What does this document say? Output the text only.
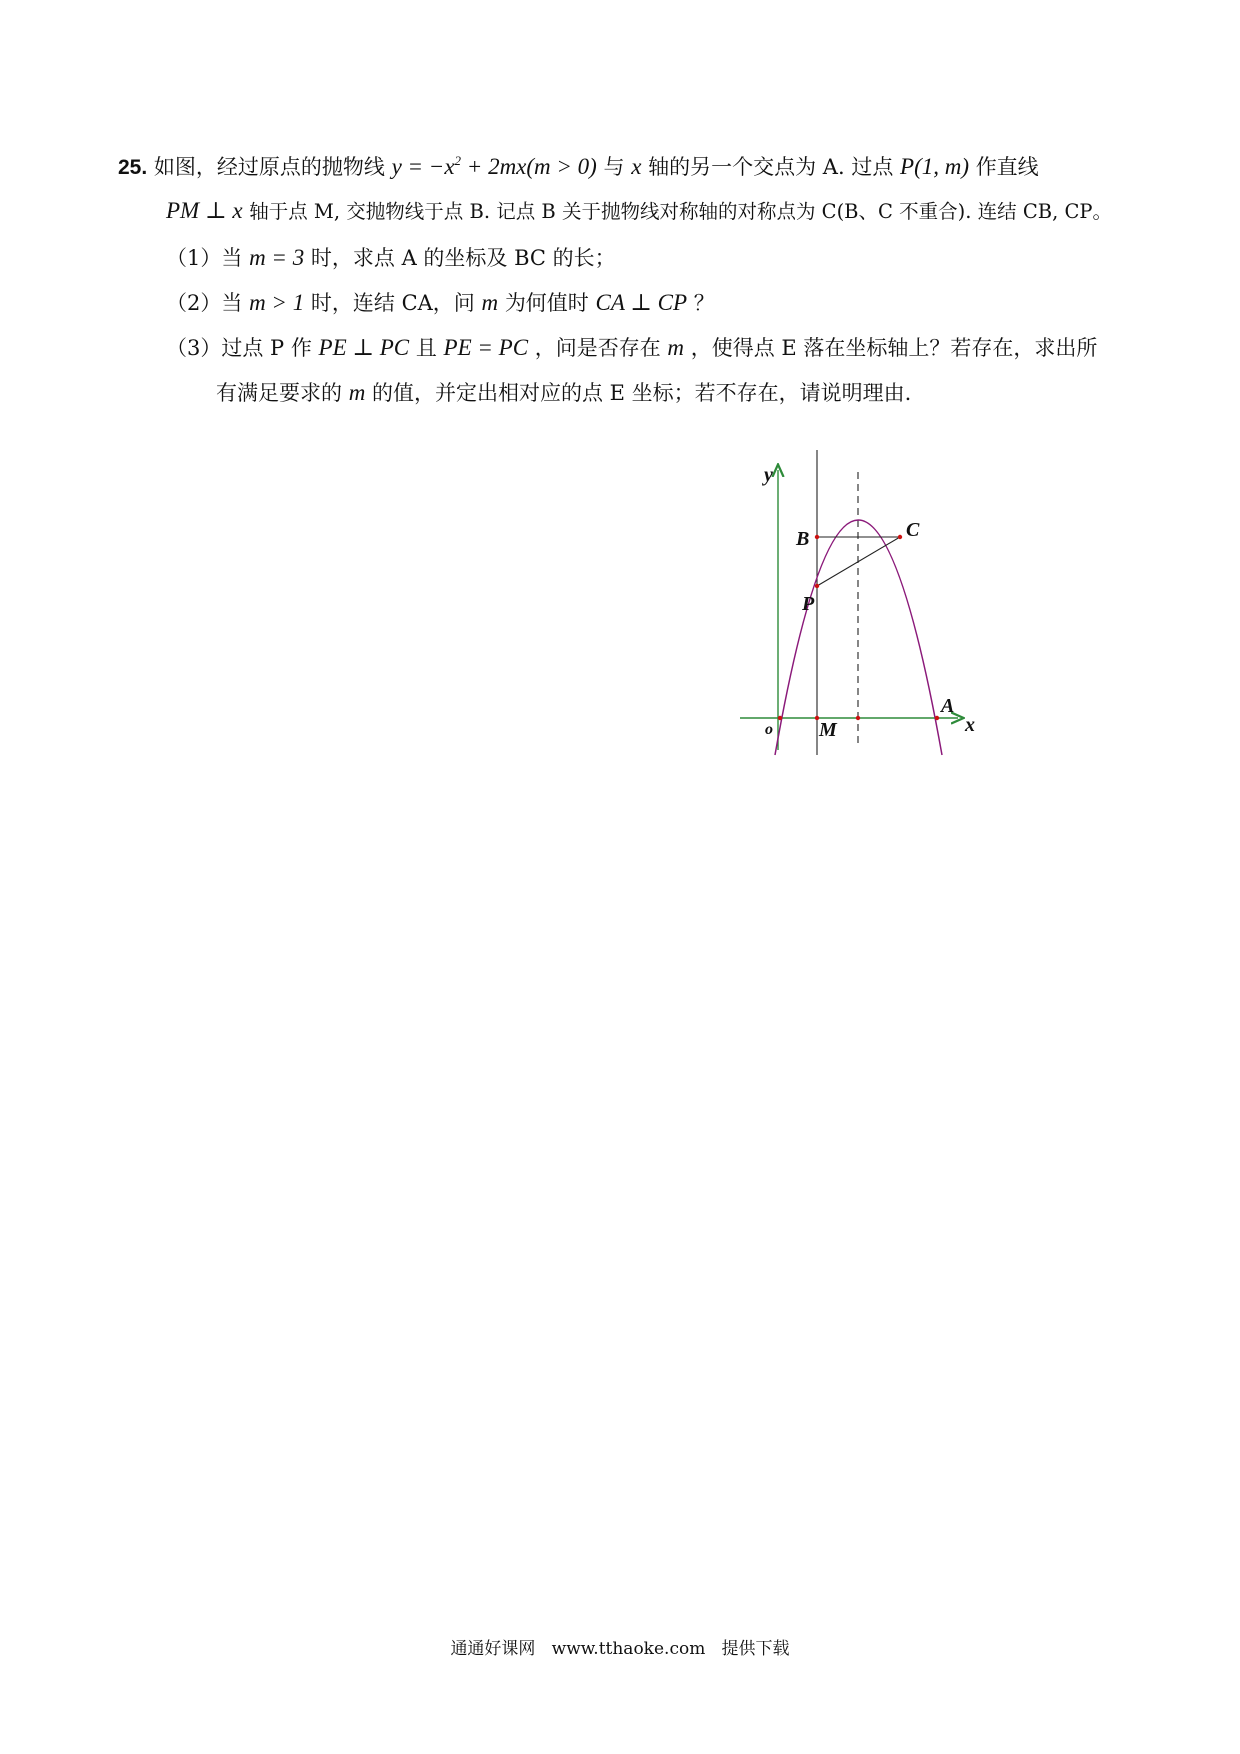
25. 如图，经过原点的抛物线 $y = -x^2 + 2mx(m > 0)$ 与 x 轴的另一个交点为 A. 过点 P(1, m) 作直线
PM ⊥ x 轴于点 M, 交抛物线于点 B. 记点 B 关于抛物线对称轴的对称点为 C(B、C 不重合). 连结 CB, CP。
（1）当 m = 3 时，求点 A 的坐标及 BC 的长；
（2）当 m > 1 时，连结 CA，问 m 为何值时 CA ⊥ CP ？
（3）过点 P 作 PE ⊥ PC 且 PE = PC ，问是否存在 m ，使得点 E 落在坐标轴上？若存在，求出所
有满足要求的 m 的值，并定出相对应的点 E 坐标；若不存在，请说明理由.
y
x
o M
A
B	C
P
通通好课网 www.tthaoke.com 提供下载
